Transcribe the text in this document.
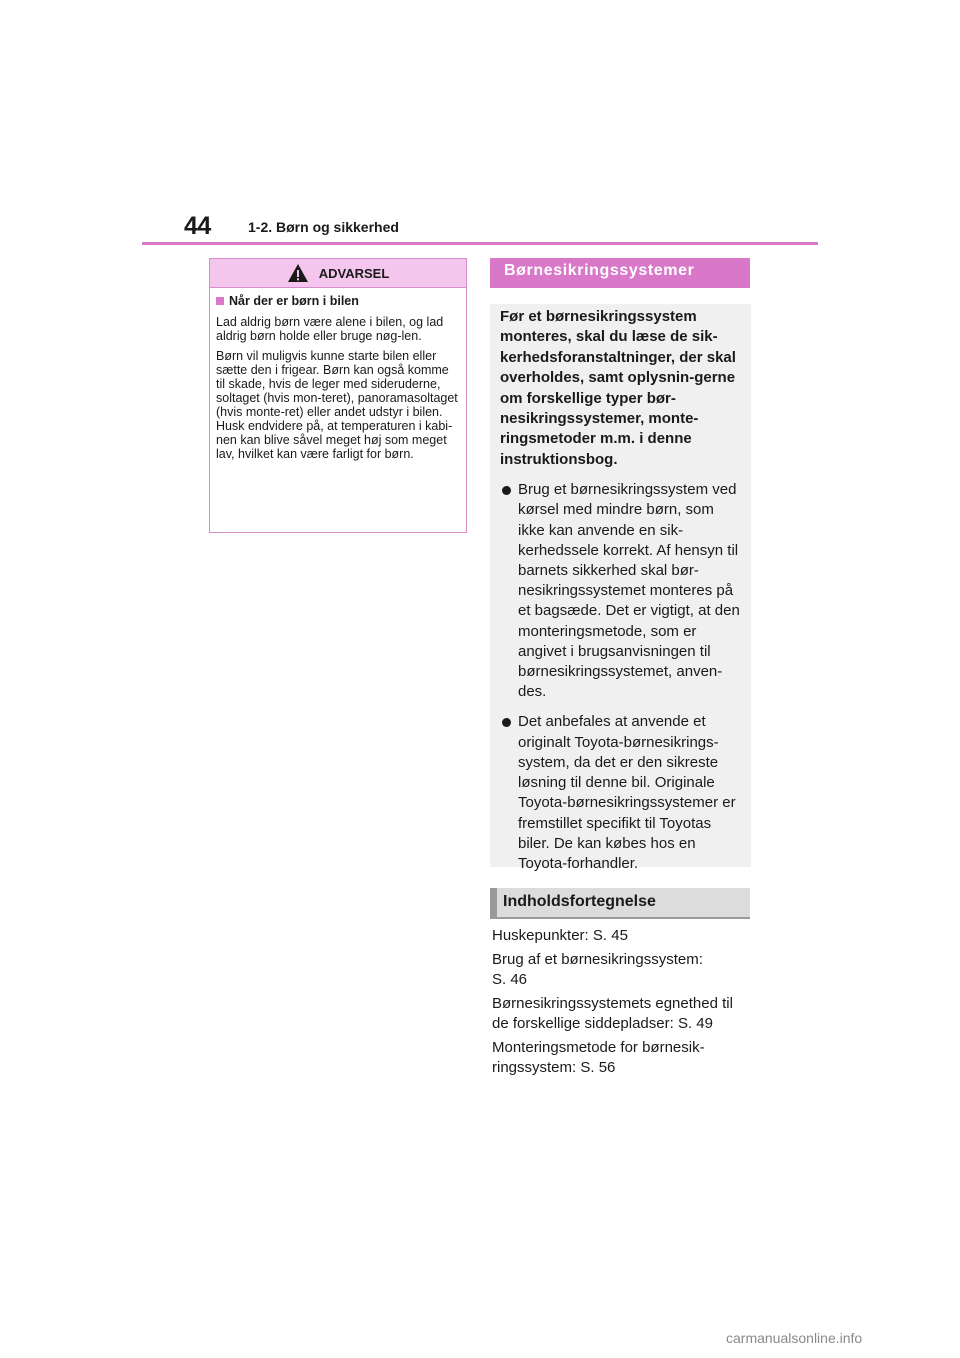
44	1-2. Børn og sikkerhed
ADVARSEL
Når der er børn i bilen

Lad aldrig børn være alene i bilen, og lad aldrig børn holde eller bruge nøg-len.

Børn vil muligvis kunne starte bilen eller sætte den i frigear. Børn kan også komme til skade, hvis de leger med sideruderne, soltaget (hvis mon-teret), panoramasoltaget (hvis monte-ret) eller andet udstyr i bilen. Husk endvidere på, at temperaturen i kabi-nen kan blive såvel meget høj som meget lav, hvilket kan være farligt for børn.

Børnesikringssystemer

Før et børnesikringssystem monteres, skal du læse de sik-kerhedsforanstaltninger, der skal overholdes, samt oplysnin-gerne om forskellige typer bør-nesikringssystemer, monte-ringsmetoder m.m. i denne instruktionsbog.

Brug et børnesikringssystem ved kørsel med mindre børn, som ikke kan anvende en sik-kerhedssele korrekt. Af hensyn til barnets sikkerhed skal bør-nesikringssystemet monteres på et bagsæde. Det er vigtigt, at den monteringsmetode, som er angivet i brugsanvisningen til børnesikringssystemet, anven-des.
Det anbefales at anvende et originalt Toyota-børnesikrings-system, da det er den sikreste løsning til denne bil. Originale Toyota-børnesikringssystemer er fremstillet specifikt til Toyotas biler. De kan købes hos en Toyota-forhandler.
Indholdsfortegnelse

Huskepunkter: S. 45

Brug af et børnesikringssystem:
S. 46

Børnesikringssystemets egnethed til
de forskellige siddepladser: S. 49

Monteringsmetode for børnesik-
ringssystem: S. 56

carmanualsonline.info
